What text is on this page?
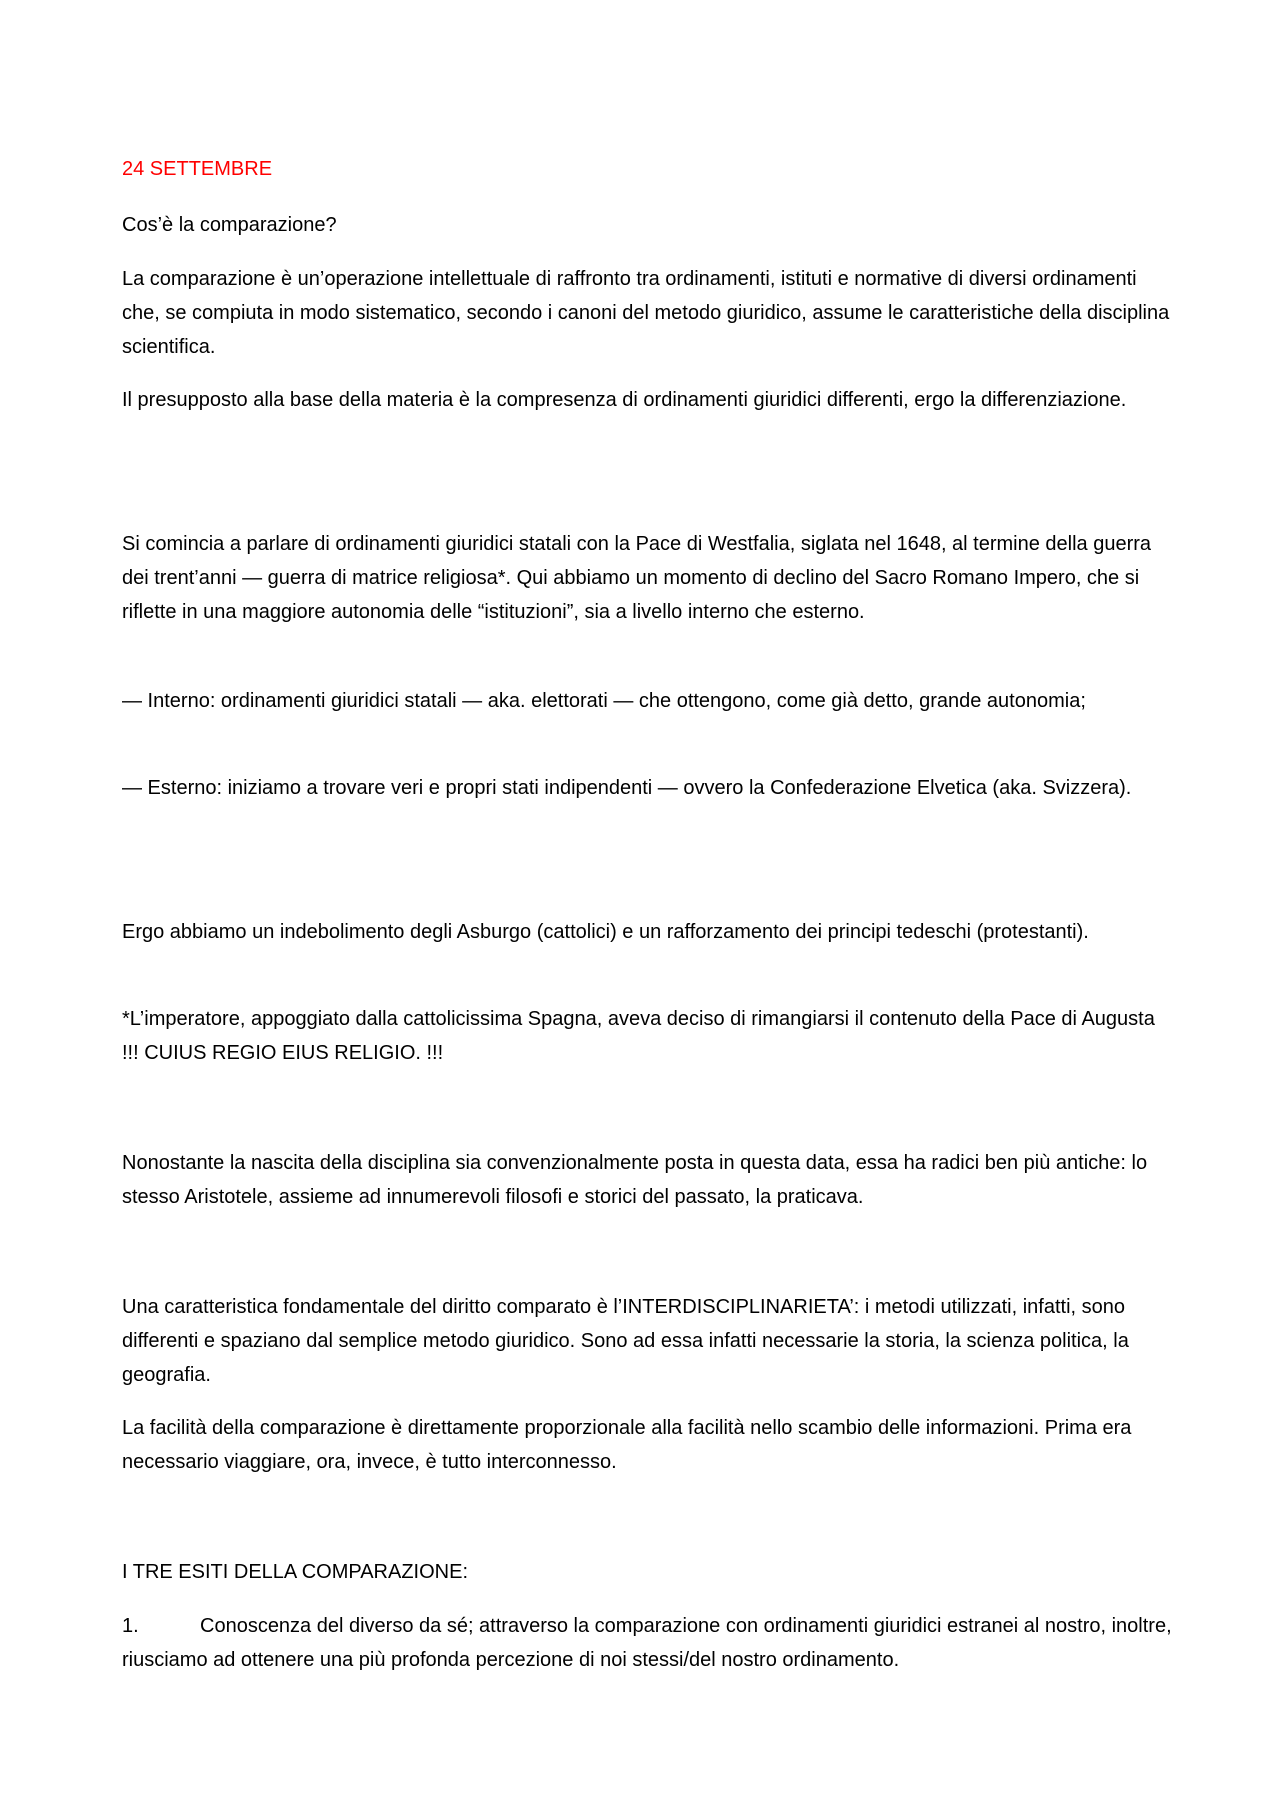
24 SETTEMBRE

Cos’è la comparazione?

La comparazione è un’operazione intellettuale di raffronto tra ordinamenti, istituti e normative di diversi ordinamenti che, se compiuta in modo sistematico, secondo i canoni del metodo giuridico, assume le caratteristiche della disciplina scientifica.

Il presupposto alla base della materia è la compresenza di ordinamenti giuridici differenti, ergo la differenziazione.

Si comincia a parlare di ordinamenti giuridici statali con la Pace di Westfalia, siglata nel 1648, al termine della guerra dei trent’anni — guerra di matrice religiosa*. Qui abbiamo un momento di declino del Sacro Romano Impero, che si riflette in una maggiore autonomia delle “istituzioni”, sia a livello interno che esterno.

— Interno: ordinamenti giuridici statali — aka. elettorati — che ottengono, come già detto, grande autonomia;

— Esterno: iniziamo a trovare veri e propri stati indipendenti — ovvero la Confederazione Elvetica (aka. Svizzera).

Ergo abbiamo un indebolimento degli Asburgo (cattolici) e un rafforzamento dei principi tedeschi (protestanti).

*L’imperatore, appoggiato dalla cattolicissima Spagna, aveva deciso di rimangiarsi il contenuto della Pace di Augusta !!! CUIUS REGIO EIUS RELIGIO. !!!

Nonostante la nascita della disciplina sia convenzionalmente posta in questa data, essa ha radici ben più antiche: lo stesso Aristotele, assieme ad innumerevoli filosofi e storici del passato, la praticava.

Una caratteristica fondamentale del diritto comparato è l’INTERDISCIPLINARIETA’: i metodi utilizzati, infatti, sono differenti e spaziano dal semplice metodo giuridico. Sono ad essa infatti necessarie la storia, la scienza politica, la geografia.

La facilità della comparazione è direttamente proporzionale alla facilità nello scambio delle informazioni. Prima era necessario viaggiare, ora, invece, è tutto interconnesso.

I TRE ESITI DELLA COMPARAZIONE:

1.	Conoscenza del diverso da sé; attraverso la comparazione con ordinamenti giuridici estranei al nostro, inoltre, riusciamo ad ottenere una più profonda percezione di noi stessi/del nostro ordinamento.
